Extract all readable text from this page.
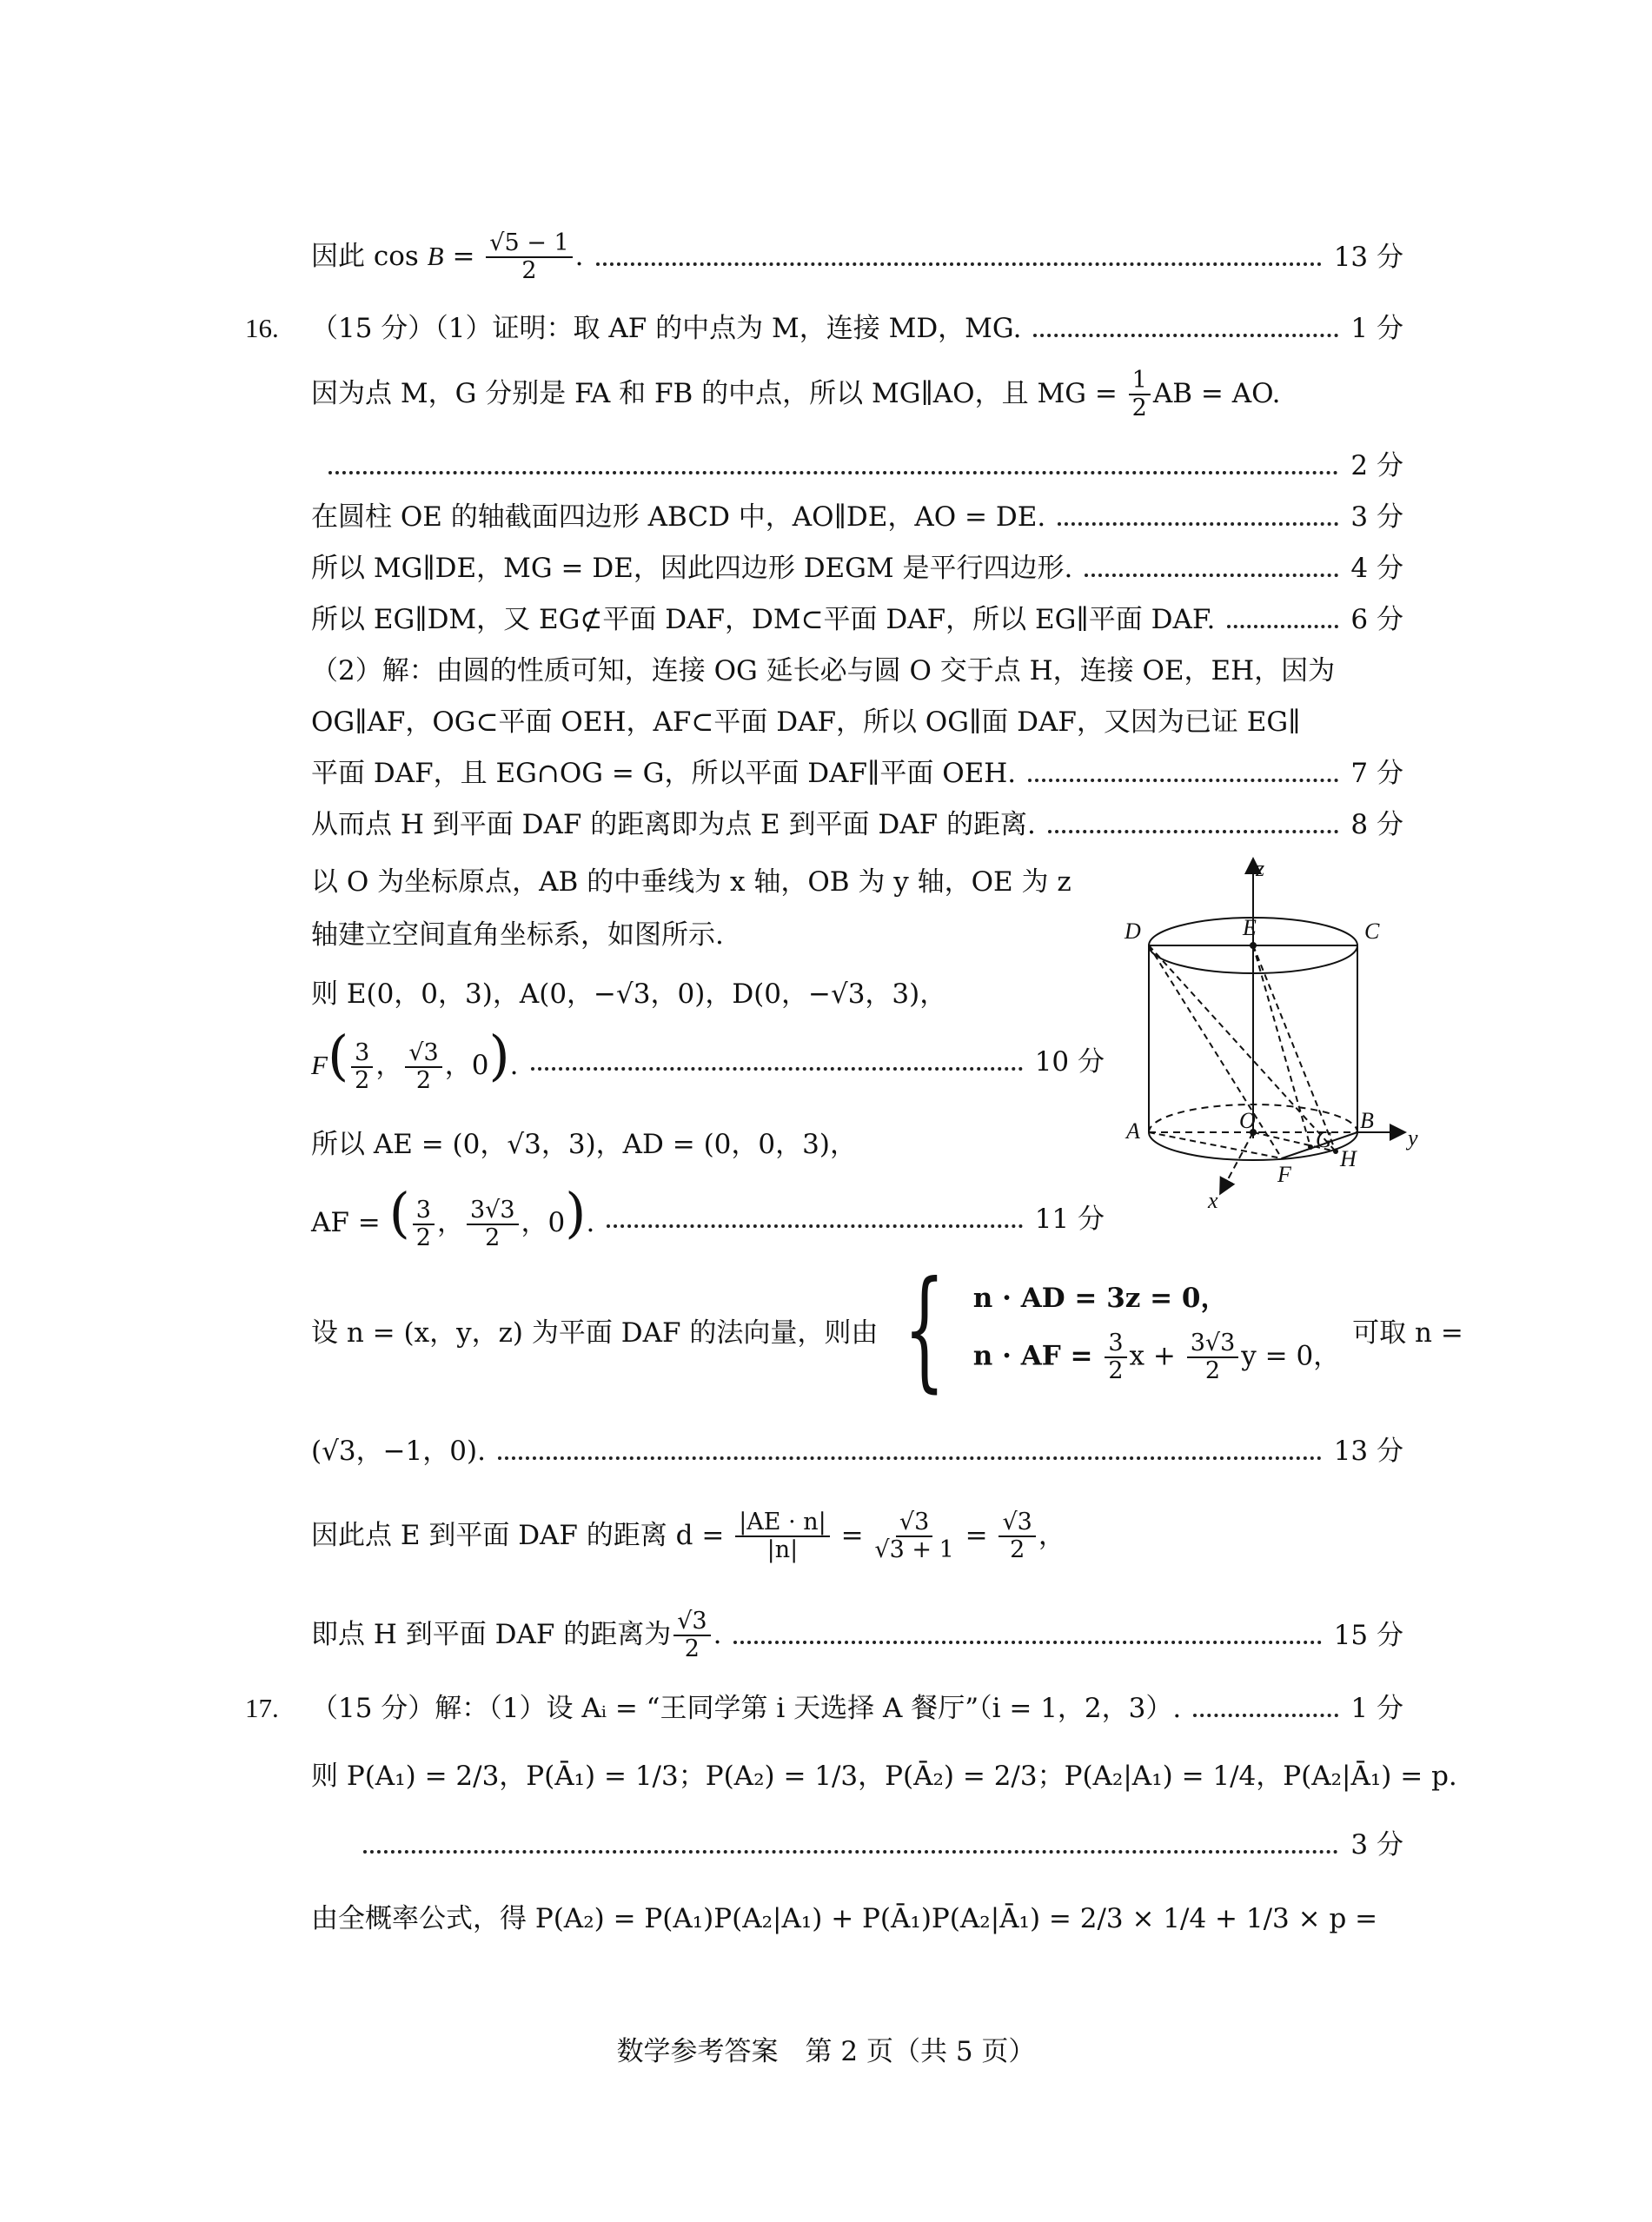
因此 $\cos B = \frac{√5 - 1}{2}$ .	13 分
16. （15 分）（1）证明：取 AF 的中点为 M，连接 MD，MG.	1 分
因为点 M，G 分别是 FA 和 FB 的中点，所以 MG∥AO，且 MG = $\frac{1}{2}$ AB = AO.
2 分
在圆柱 OE 的轴截面四边形 ABCD 中，AO∥DE，AO = DE.	3 分
所以 MG∥DE，MG = DE，因此四边形 DEGM 是平行四边形.	4 分
所以 EG∥DM，又 EG⊄平面 DAF，DM⊂平面 DAF，所以 EG∥平面 DAF.	6 分
（2）解：由圆的性质可知，连接 OG 延长必与圆 O 交于点 H，连接 OE，EH，因为
OG∥AF，OG⊂平面 OEH，AF⊂平面 DAF，所以 OG∥面 DAF，又因为已证 EG∥
平面 DAF，且 EG∩OG = G，所以平面 DAF∥平面 OEH.	7 分
从而点 H 到平面 DAF 的距离即为点 E 到平面 DAF 的距离.	8 分
以 O 为坐标原点，AB 的中垂线为 x 轴，OB 为 y 轴，OE 为 z
轴建立空间直角坐标系，如图所示.
则 E(0，0，3)，A(0，−√3，0)，D(0，−√3，3)，
$F( \frac{3}{2}$ ， $\frac{√3}{2}$ ，0).	10 分
所以 AE = (0，√3，3)，AD = (0，0，3)，
AF = ( $\frac{3}{2}$ ， $\frac{3√3}{2}$ ，0).	11 分
设 n = (x，y，z) 为平面 DAF 的法向量，则由 { n · AD = 3z = 0，
n · AF = $\frac{3}{2}$ $x + \frac{3√3}{2}$ y = 0，
可取 n =
(√3，−1，0).	13 分
因此点 E 到平面 DAF 的距离 $d = \frac{|AE \cdot n|}{|n|} = \frac{√3}{√3 + 1} = \frac{√3}{2}$ ，
即点 H 到平面 DAF 的距离为 $\frac{√3}{2}$ .	15 分
17. （15 分）解：（1）设 Aᵢ = “王同学第 i 天选择 A 餐厅”（i = 1，2，3）.	1 分
则 P(A₁) = 2/3，P(Ā₁) = 1/3；P(A₂) = 1/3，P(Ā₂) = 2/3；P(A₂|A₁) = 1/4，P(A₂|Ā₁) = p.
3 分
由全概率公式，得 P(A₂) = P(A₁)P(A₂|A₁) + P(Ā₁)P(A₂|Ā₁) = 2/3 × 1/4 + 1/3 × p =
数学参考答案　第 2 页（共 5 页）
z
y
x
D	E	C
A	O	B
G
H
F
